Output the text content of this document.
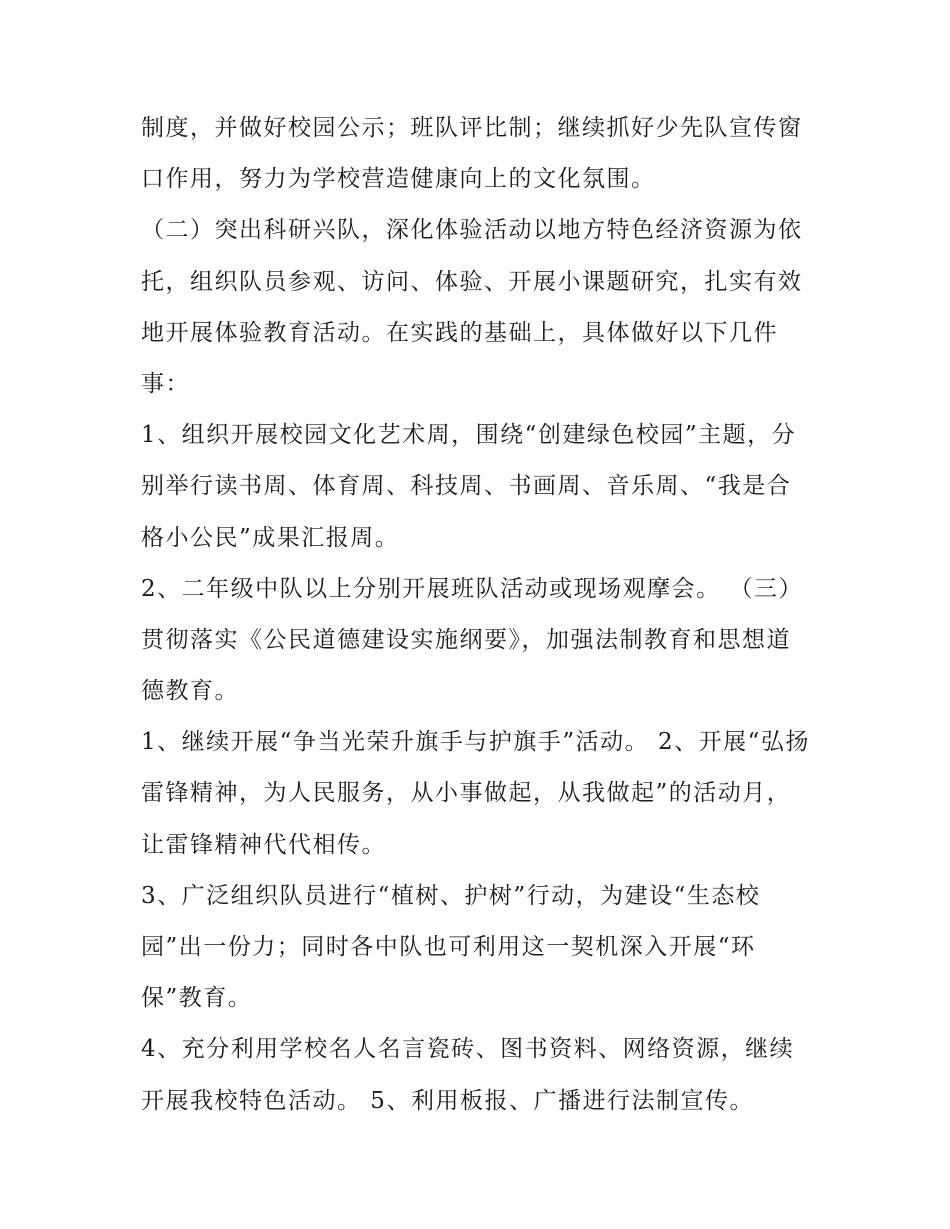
制度，并做好校园公示；班队评比制；继续抓好少先队宣传窗
口作用，努力为学校营造健康向上的文化氛围。
（二）突出科研兴队，深化体验活动以地方特色经济资源为依
托，组织队员参观、访问、体验、开展小课题研究，扎实有效
地开展体验教育活动。在实践的基础上，具体做好以下几件
事：
1、组织开展校园文化艺术周，围绕“创建绿色校园”主题，分
别举行读书周、体育周、科技周、书画周、音乐周、“我是合
格小公民”成果汇报周。
2、二年级中队以上分别开展班队活动或现场观摩会。 （三）
贯彻落实《公民道德建设实施纲要》，加强法制教育和思想道
德教育。
1、继续开展“争当光荣升旗手与护旗手”活动。 2、开展“弘扬
雷锋精神，为人民服务，从小事做起，从我做起”的活动月，
让雷锋精神代代相传。
3、广泛组织队员进行“植树、护树”行动，为建设“生态校
园”出一份力；同时各中队也可利用这一契机深入开展“环
保”教育。
4、充分利用学校名人名言瓷砖、图书资料、网络资源，继续
开展我校特色活动。 5、利用板报、广播进行法制宣传。
